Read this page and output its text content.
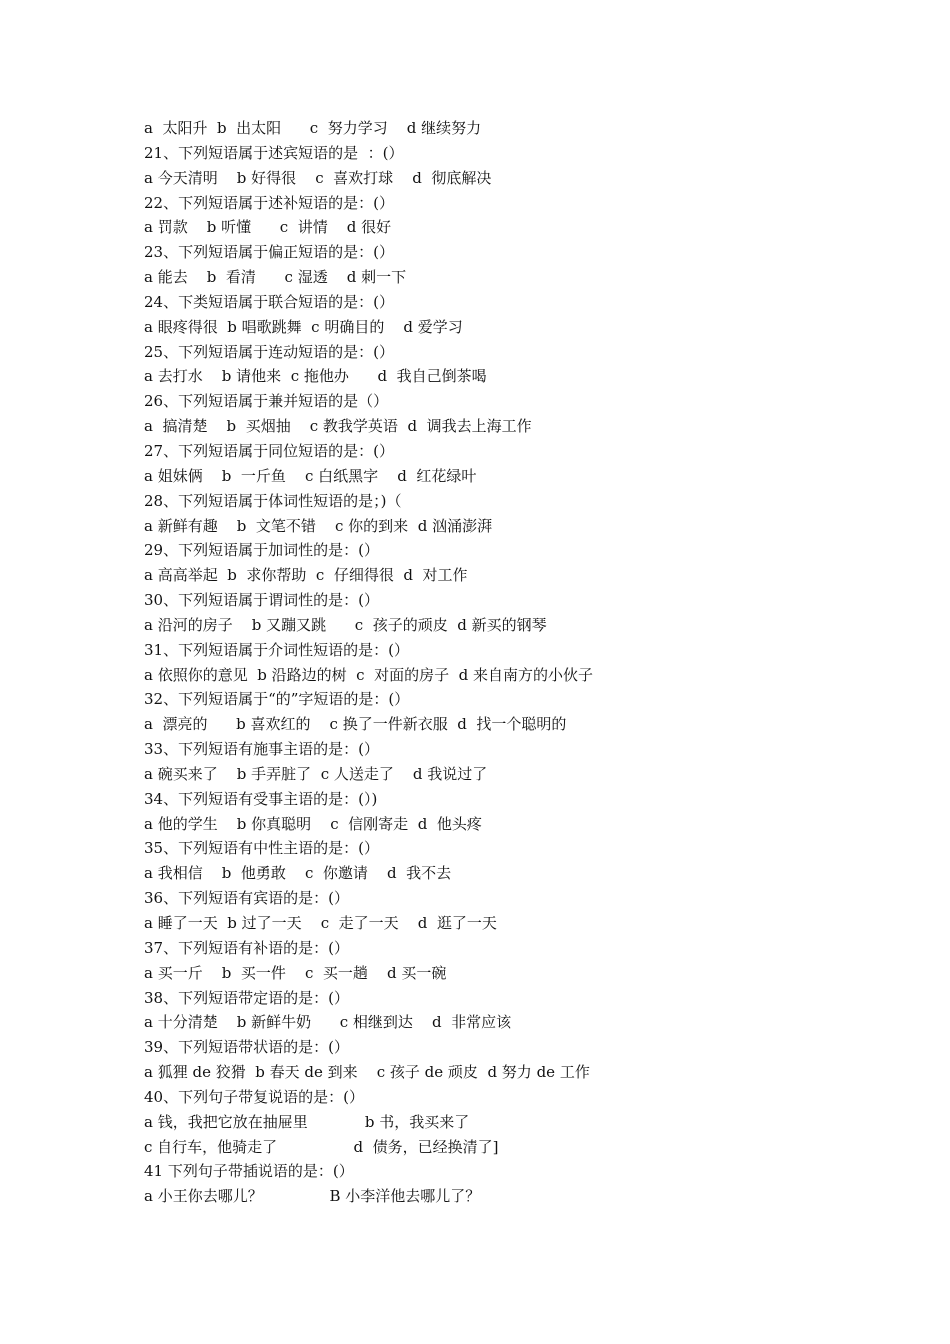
a  太阳升  b  出太阳      c  努力学习    d 继续努力
21、下列短语属于述宾短语的是  ：(）
a 今天清明    b 好得很    c  喜欢打球    d  彻底解决
22、下列短语属于述补短语的是：(）
a 罚款    b 听懂      c  讲情    d 很好
23、下列短语属于偏正短语的是：(）
a 能去    b  看清      c 湿透    d 刺一下
24、下类短语属于联合短语的是：(）
a 眼疼得很  b 唱歌跳舞  c 明确目的    d 爱学习
25、下列短语属于连动短语的是：(）
a 去打水    b 请他来  c 拖他办      d  我自己倒茶喝
26、下列短语属于兼并短语的是（）
a  搞清楚    b  买烟抽    c 教我学英语  d  调我去上海工作
27、下列短语属于同位短语的是：(）
a 姐妹俩    b  一斤鱼    c 白纸黑字    d  红花绿叶
28、下列短语属于体词性短语的是；)（
a 新鲜有趣    b  文笔不错    c 你的到来  d 汹涌澎湃
29、下列短语属于加词性的是：(）
a 高高举起  b  求你帮助  c  仔细得很  d  对工作
30、下列短语属于谓词性的是：(）
a 沿河的房子    b 又蹦又跳      c  孩子的顽皮  d 新买的钢琴
31、下列短语属于介词性短语的是：(）
a 依照你的意见  b 沿路边的树  c  对面的房子  d 来自南方的小伙子
32、下列短语属于“的”字短语的是：(）
a  漂亮的      b 喜欢红的    c 换了一件新衣服  d  找一个聪明的
33、下列短语有施事主语的是：(）
a 碗买来了    b 手弄脏了  c 人送走了    d 我说过了
34、下列短语有受事主语的是：(）)
a 他的学生    b 你真聪明    c  信刚寄走  d  他头疼
35、下列短语有中性主语的是：(）
a 我相信    b  他勇敢    c  你邀请    d  我不去
36、下列短语有宾语的是：(）
a 睡了一天  b 过了一天    c  走了一天    d  逛了一天
37、下列短语有补语的是：(）
a 买一斤    b  买一件    c  买一趟    d 买一碗
38、下列短语带定语的是：(）
a 十分清楚    b 新鲜牛奶      c 相继到达    d  非常应该
39、下列短语带状语的是：(）
a 狐狸 de 狡猾  b 春天 de 到来    c 孩子 de 顽皮  d 努力 de 工作
40、下列句子带复说语的是：(）
a 钱，我把它放在抽屉里            b 书，我买来了
c 自行车，他骑走了                d  债务，已经换清了]
41 下列句子带插说语的是：(）
a 小王你去哪儿？              B 小李洋他去哪儿了？
